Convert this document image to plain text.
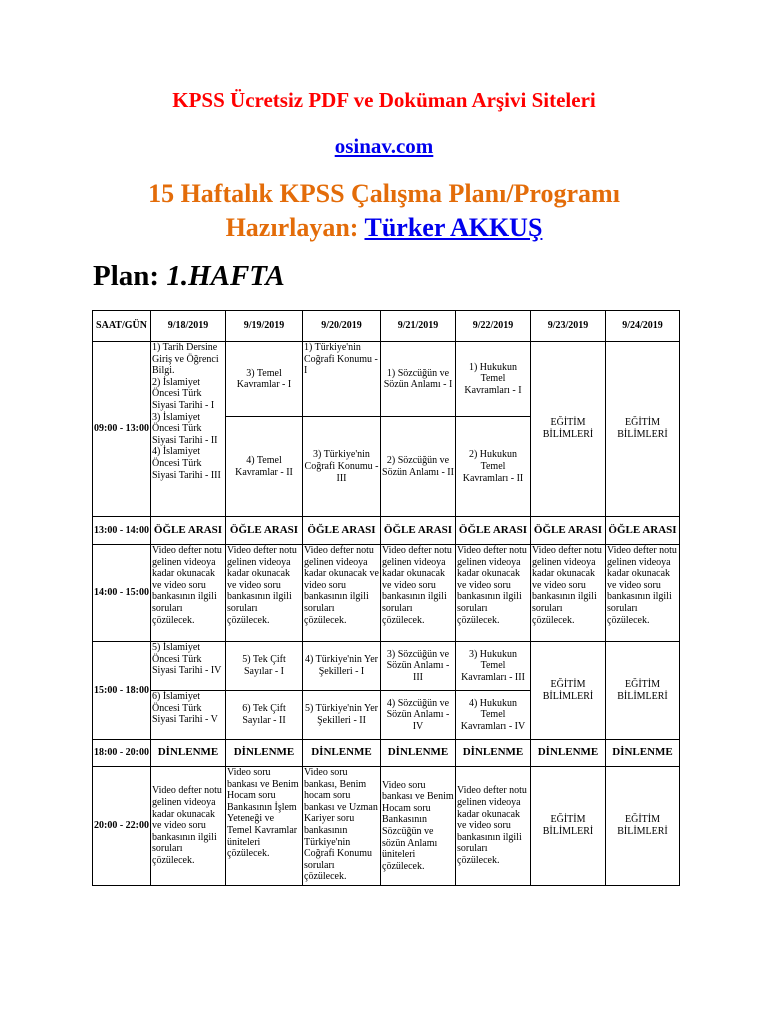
KPSS Ücretsiz PDF ve Doküman Arşivi Siteleri
osinav.com
15 Haftalık KPSS Çalışma Planı/Programı
Hazırlayan: Türker AKKUŞ
Plan: 1.HAFTA
SAAT/GÜN	9/18/2019	9/19/2019	9/20/2019	9/21/2019	9/22/2019	9/23/2019	9/24/2019
09:00 - 13:00	1) Tarih Dersine Giriş ve Öğrenci Bilgi.
2) İslamiyet Öncesi Türk Siyasi Tarihi - I
3) İslamiyet Öncesi Türk Siyasi Tarihi - II
4) İslamiyet Öncesi Türk Siyasi Tarihi - III	3) Temel Kavramlar - I	1) Türkiye'nin Coğrafi Konumu - I	1) Sözcüğün ve Sözün Anlamı - I	1) Hukukun Temel Kavramları - I	EĞİTİM BİLİMLERİ	EĞİTİM BİLİMLERİ
		4) Temel Kavramlar - II	3) Türkiye'nin Coğrafi Konumu - III	2) Sözcüğün ve Sözün Anlamı - II	2) Hukukun Temel Kavramları - II		
13:00 - 14:00	ÖĞLE ARASI	ÖĞLE ARASI	ÖĞLE ARASI	ÖĞLE ARASI	ÖĞLE ARASI	ÖĞLE ARASI	ÖĞLE ARASI
14:00 - 15:00	Video defter notu gelinen videoya kadar okunacak ve video soru bankasının ilgili soruları çözülecek.	Video defter notu gelinen videoya kadar okunacak ve video soru bankasının ilgili soruları çözülecek.	Video defter notu gelinen videoya kadar okunacak ve video soru bankasının ilgili soruları çözülecek.	Video defter notu gelinen videoya kadar okunacak ve video soru bankasının ilgili soruları çözülecek.	Video defter notu gelinen videoya kadar okunacak ve video soru bankasının ilgili soruları çözülecek.	Video defter notu gelinen videoya kadar okunacak ve video soru bankasının ilgili soruları çözülecek.	Video defter notu gelinen videoya kadar okunacak ve video soru bankasının ilgili soruları çözülecek.
15:00 - 18:00	5) İslamiyet Öncesi Türk Siyasi Tarihi - IV	5) Tek Çift Sayılar - I	4) Türkiye'nin Yer Şekilleri - I	3) Sözcüğün ve Sözün Anlamı - III	3) Hukukun Temel Kavramları - III	EĞİTİM BİLİMLERİ	EĞİTİM BİLİMLERİ
	6) İslamiyet Öncesi Türk Siyasi Tarihi - V	6) Tek Çift Sayılar - II	5) Türkiye'nin Yer Şekilleri - II	4) Sözcüğün ve Sözün Anlamı - IV	4) Hukukun Temel Kavramları - IV		
18:00 - 20:00	DİNLENME	DİNLENME	DİNLENME	DİNLENME	DİNLENME	DİNLENME	DİNLENME
20:00 - 22:00	Video defter notu gelinen videoya kadar okunacak ve video soru bankasının ilgili soruları çözülecek.	Video soru bankası ve Benim Hocam soru Bankasının İşlem Yeteneği ve Temel Kavramlar üniteleri çözülecek.	Video soru bankası, Benim hocam soru bankası ve Uzman Kariyer soru bankasının Türkiye'nin Coğrafi Konumu soruları çözülecek.	Video soru bankası ve Benim Hocam soru Bankasının Sözcüğün ve sözün Anlamı üniteleri çözülecek.	Video defter notu gelinen videoya kadar okunacak ve video soru bankasının ilgili soruları çözülecek.	EĞİTİM BİLİMLERİ	EĞİTİM BİLİMLERİ
